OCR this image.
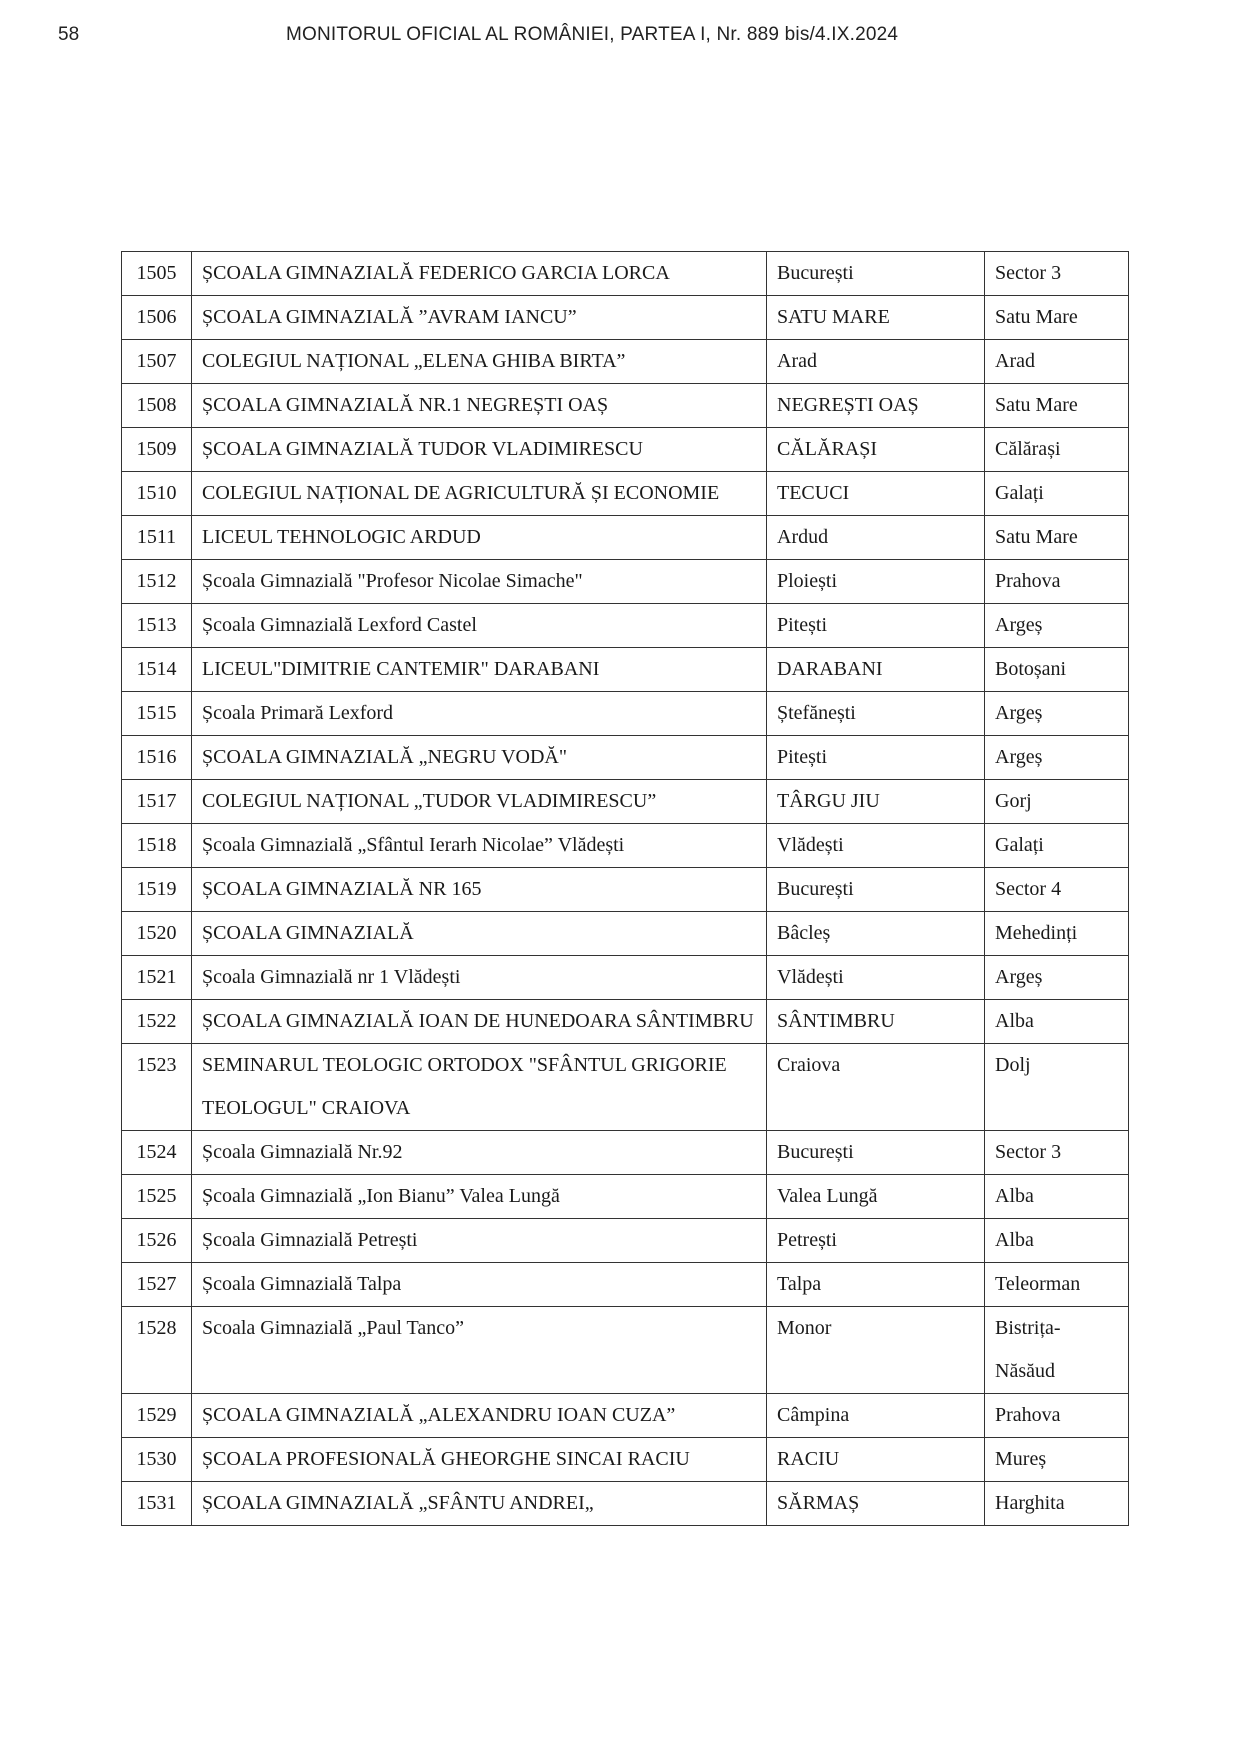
58	MONITORUL OFICIAL AL ROMÂNIEI, PARTEA I, Nr. 889 bis/4.IX.2024
1505	ȘCOALA GIMNAZIALĂ FEDERICO GARCIA LORCA	București	Sector 3
1506	ȘCOALA GIMNAZIALĂ ”AVRAM IANCU”	SATU MARE	Satu Mare
1507	COLEGIUL NAȚIONAL „ELENA GHIBA BIRTA”	Arad	Arad
1508	ȘCOALA GIMNAZIALĂ NR.1 NEGREȘTI OAȘ	NEGREȘTI OAȘ	Satu Mare
1509	ȘCOALA GIMNAZIALĂ TUDOR VLADIMIRESCU	CĂLĂRAȘI	Călărași
1510	COLEGIUL NAȚIONAL DE AGRICULTURĂ ȘI ECONOMIE	TECUCI	Galați
1511	LICEUL TEHNOLOGIC ARDUD	Ardud	Satu Mare
1512	Școala Gimnazială "Profesor Nicolae Simache"	Ploiești	Prahova
1513	Școala Gimnazială Lexford Castel	Pitești	Argeș
1514	LICEUL"DIMITRIE CANTEMIR" DARABANI	DARABANI	Botoșani
1515	Școala Primară Lexford	Ștefănești	Argeș
1516	ȘCOALA GIMNAZIALĂ „NEGRU VODĂ"	Pitești	Argeș
1517	COLEGIUL NAȚIONAL „TUDOR VLADIMIRESCU”	TÂRGU JIU	Gorj
1518	Școala Gimnazială „Sfântul Ierarh Nicolae” Vlădești	Vlădești	Galați
1519	ȘCOALA GIMNAZIALĂ NR 165	București	Sector 4
1520	ȘCOALA GIMNAZIALĂ	Bâcleș	Mehedinți
1521	Școala Gimnazială nr 1 Vlădești	Vlădești	Argeș
1522	ȘCOALA GIMNAZIALĂ IOAN DE HUNEDOARA SÂNTIMBRU	SÂNTIMBRU	Alba
1523	SEMINARUL TEOLOGIC ORTODOX "SFÂNTUL GRIGORIE TEOLOGUL" CRAIOVA	Craiova	Dolj
1524	Școala Gimnazială Nr.92	București	Sector 3
1525	Școala Gimnazială „Ion Bianu” Valea Lungă	Valea Lungă	Alba
1526	Școala Gimnazială Petrești	Petrești	Alba
1527	Școala Gimnazială Talpa	Talpa	Teleorman
1528	Scoala Gimnazială „Paul Tanco”	Monor	Bistrița-Năsăud
1529	ȘCOALA GIMNAZIALĂ „ALEXANDRU IOAN CUZA”	Câmpina	Prahova
1530	ȘCOALA PROFESIONALĂ GHEORGHE SINCAI RACIU	RACIU	Mureș
1531	ȘCOALA GIMNAZIALĂ „SFÂNTU ANDREI„	SĂRMAȘ	Harghita
